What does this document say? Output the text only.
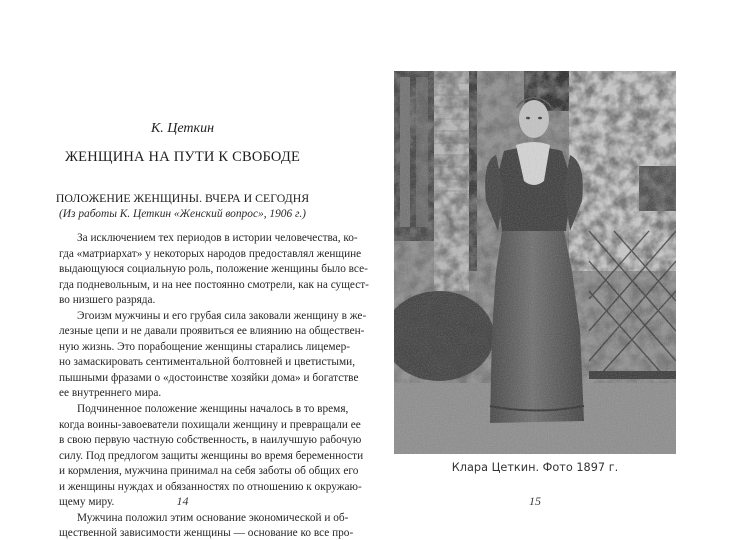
К. Цеткин
ЖЕНЩИНА НА ПУТИ К СВОБОДЕ
ПОЛОЖЕНИЕ ЖЕНЩИНЫ. ВЧЕРА И СЕГОДНЯ
(Из работы К. Цеткин «Женский вопрос», 1906 г.)
За исключением тех периодов в истории человечества, ко-
гда «матриархат» у некоторых народов предоставлял женщине
выдающуюся социальную роль, положение женщины было все-
гда подневольным, и на нее постоянно смотрели, как на сущест-
во низшего разряда.
Эгоизм мужчины и его грубая сила заковали женщину в же-
лезные цепи и не давали проявиться ее влиянию на обществен-
ную жизнь. Это порабощение женщины старались лицемер-
но замаскировать сентиментальной болтовней и цветистыми,
пышными фразами о «достоинстве хозяйки дома» и богатстве
ее внутреннего мира.
Подчиненное положение женщины началось в то время,
когда воины-завоеватели похищали женщину и превращали ее
в свою первую частную собственность, в наилучшую рабочую
силу. Под предлогом защиты женщины во время беременности
и кормления, мужчина принимал на себя заботы об общих его
и женщины нуждах и обязанностях по отношению к окружаю-
щему миру.
Мужчина положил этим основание экономической и об-
щественной зависимости женщины — основание ко все про-
14
Клара Цеткин. Фото 1897 г.
15
